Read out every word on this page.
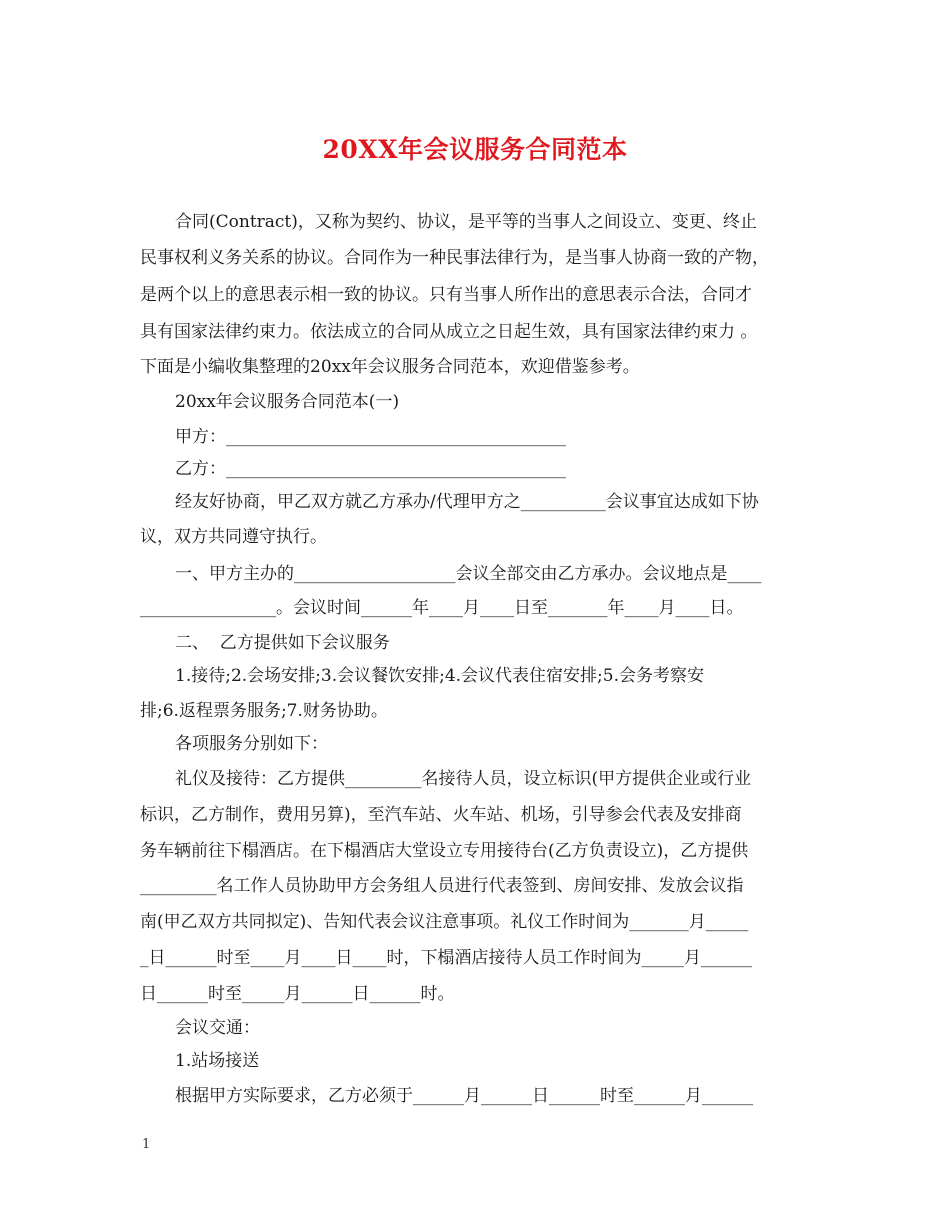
20XX年会议服务合同范本
合同(Contract)，又称为契约、协议，是平等的当事人之间设立、变更、终止
民事权利义务关系的协议。合同作为一种民事法律行为，是当事人协商一致的产物，
是两个以上的意思表示相一致的协议。只有当事人所作出的意思表示合法，合同才
具有国家法律约束力。依法成立的合同从成立之日起生效，具有国家法律约束力 。
下面是小编收集整理的20xx年会议服务合同范本，欢迎借鉴参考。
20xx年会议服务合同范本(一)
甲方：________________________________________
乙方：________________________________________
经友好协商，甲乙双方就乙方承办/代理甲方之__________会议事宜达成如下协
议，双方共同遵守执行。
一、甲方主办的___________________会议全部交由乙方承办。会议地点是____
________________。会议时间______年____月____日至_______年____月____日。
二、  乙方提供如下会议服务
1.接待;2.会场安排;3.会议餐饮安排;4.会议代表住宿安排;5.会务考察安
排;6.返程票务服务;7.财务协助。
各项服务分别如下：
礼仪及接待：乙方提供_________名接待人员，设立标识(甲方提供企业或行业
标识，乙方制作，费用另算)，至汽车站、火车站、机场，引导参会代表及安排商
务车辆前往下榻酒店。在下榻酒店大堂设立专用接待台(乙方负责设立)，乙方提供
_________名工作人员协助甲方会务组人员进行代表签到、房间安排、发放会议指
南(甲乙双方共同拟定)、告知代表会议注意事项。礼仪工作时间为_______月_____
_日______时至____月____日____时，下榻酒店接待人员工作时间为_____月______
日______时至_____月______日______时。
会议交通：
1.站场接送
根据甲方实际要求，乙方必须于______月______日______时至______月______
1
